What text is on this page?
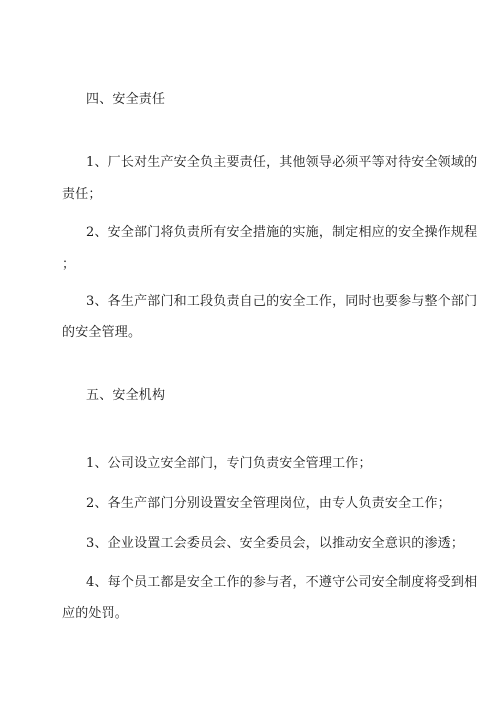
四、安全责任
1、厂长对生产安全负主要责任，其他领导必须平等对待安全领域的
责任；
2、安全部门将负责所有安全措施的实施，制定相应的安全操作规程
；
3、各生产部门和工段负责自己的安全工作，同时也要参与整个部门
的安全管理。
五、安全机构
1、公司设立安全部门，专门负责安全管理工作；
2、各生产部门分别设置安全管理岗位，由专人负责安全工作；
3、企业设置工会委员会、安全委员会，以推动安全意识的渗透；
4、每个员工都是安全工作的参与者，不遵守公司安全制度将受到相
应的处罚。
